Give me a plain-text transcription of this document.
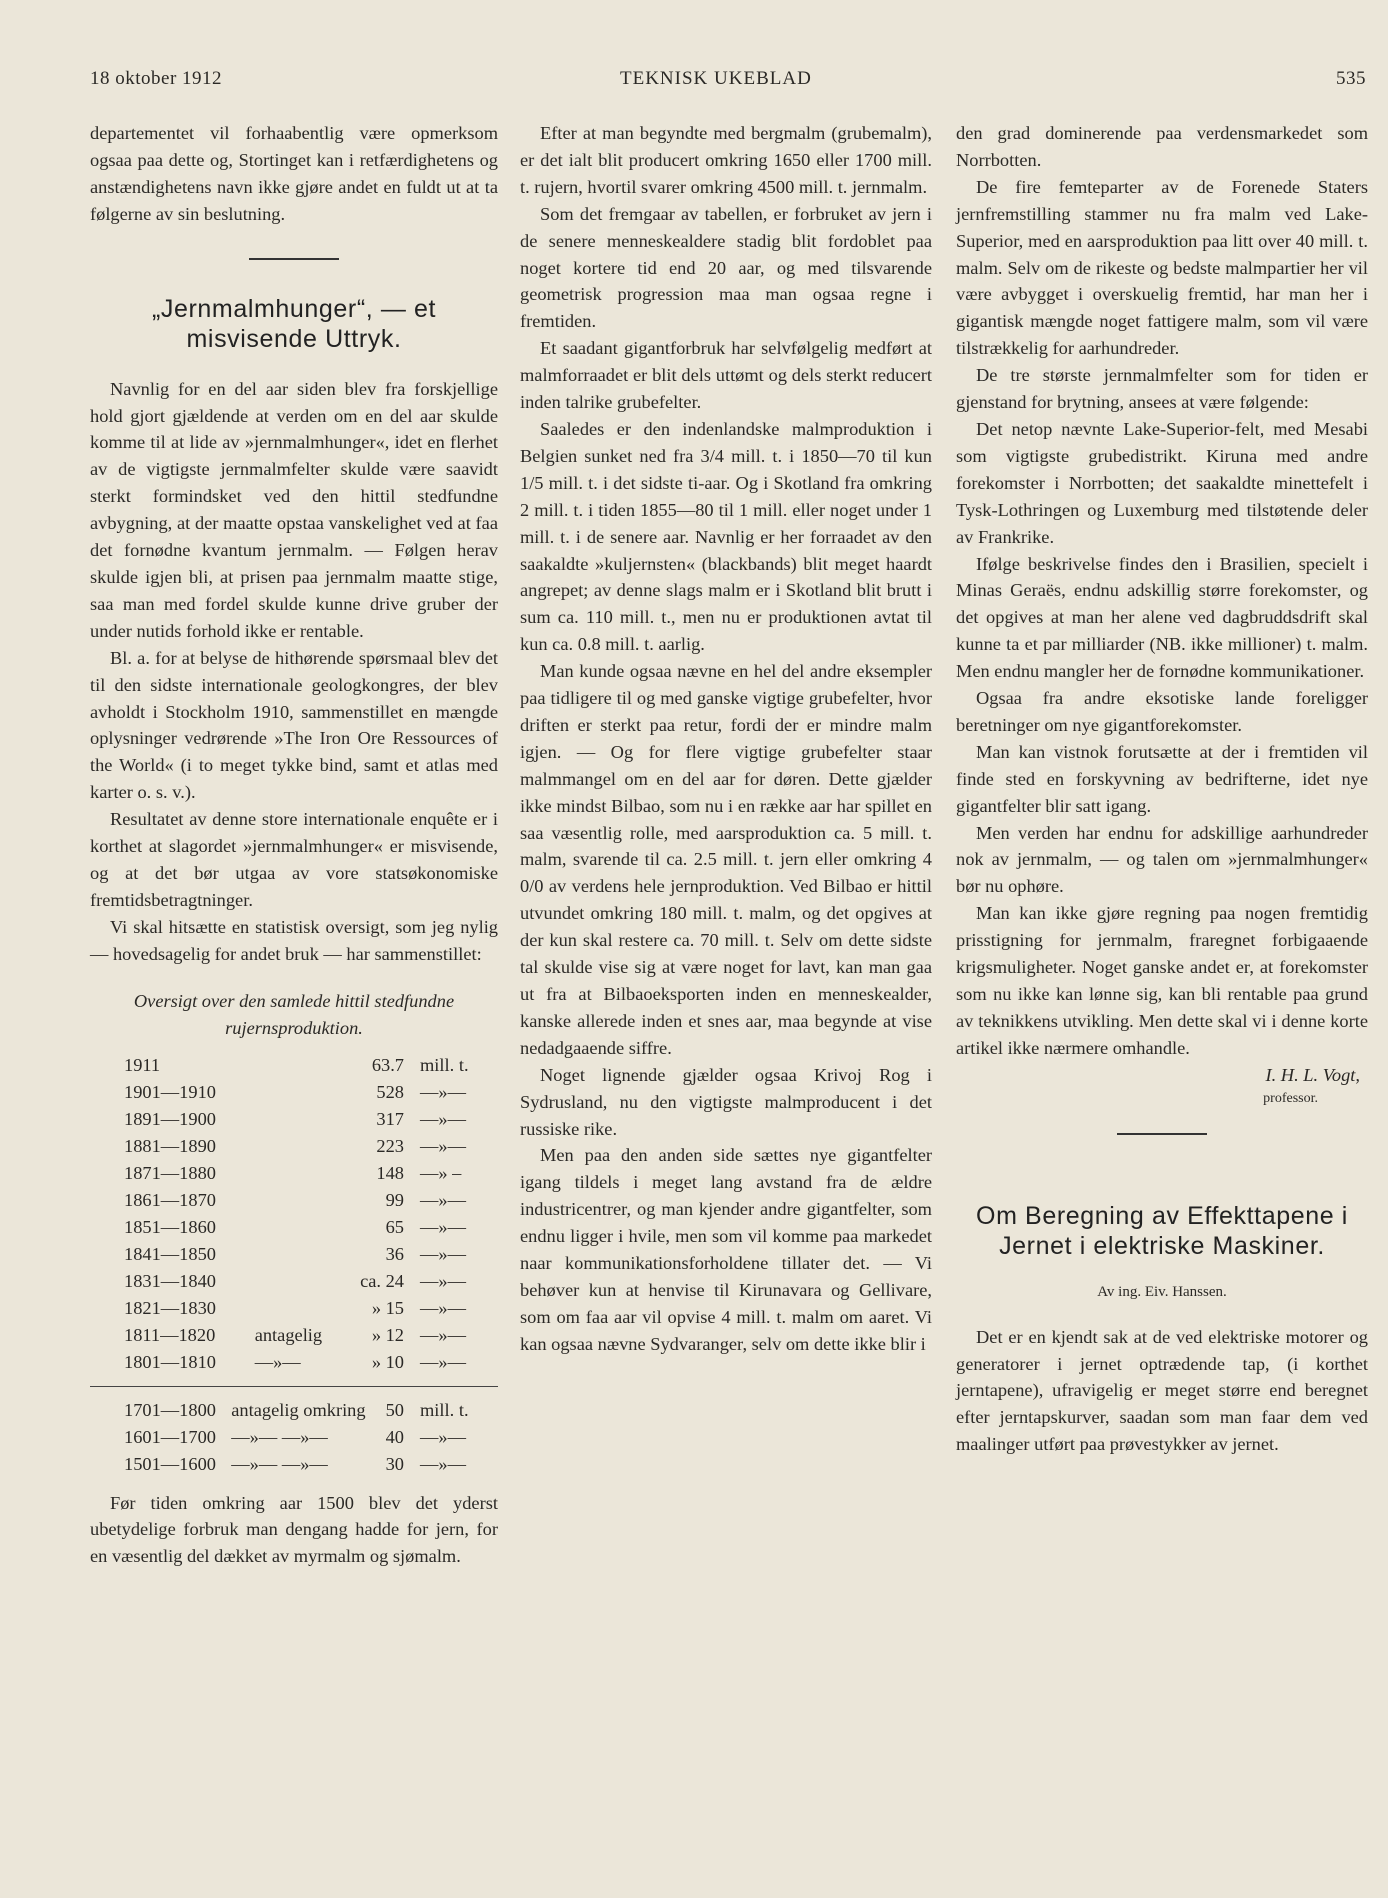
18 oktober 1912	TEKNISK UKEBLAD	535

departementet vil forhaabentlig være opmerksom ogsaa paa dette og, Stortinget kan i retfærdighetens og anstændighetens navn ikke gjøre andet en fuldt ut at ta følgerne av sin beslutning.

„Jernmalmhunger“, — et misvisende Uttryk.

Navnlig for en del aar siden blev fra forskjellige hold gjort gjældende at verden om en del aar skulde komme til at lide av »jernmalmhunger«, idet en flerhet av de vigtigste jernmalmfelter skulde være saavidt sterkt formindsket ved den hittil stedfundne avbygning, at der maatte opstaa vanskelighet ved at faa det fornødne kvantum jernmalm. — Følgen herav skulde igjen bli, at prisen paa jernmalm maatte stige, saa man med fordel skulde kunne drive gruber der under nutids forhold ikke er rentable.

Bl. a. for at belyse de hithørende spørsmaal blev det til den sidste internationale geologkongres, der blev avholdt i Stockholm 1910, sammenstillet en mængde oplysninger vedrørende »The Iron Ore Ressources of the World« (i to meget tykke bind, samt et atlas med karter o. s. v.).

Resultatet av denne store internationale enquête er i korthet at slagordet »jernmalmhunger« er misvisende, og at det bør utgaa av vore statsøkonomiske fremtidsbetragtninger.

Vi skal hitsætte en statistisk oversigt, som jeg nylig — hovedsagelig for andet bruk — har sammenstillet:

Oversigt over den samlede hittil stedfundne rujernsproduktion.
1911		63.7	mill. t.
1901—1910		528	—»—
1891—1900		317	—»—
1881—1890		223	—»—
1871—1880		148	—» –
1861—1870		99	—»—
1851—1860		65	—»—
1841—1850		36	—»—
1831—1840		ca. 24	—»—
1821—1830		» 15	—»—
1811—1820	antagelig	» 12	—»—
1801—1810	—»—	» 10	—»—
1701—1800	antagelig omkring	50	mill. t.
1601—1700	—»— —»—	40	—»—
1501—1600	—»— —»—	30	—»—

Før tiden omkring aar 1500 blev det yderst ubetydelige forbruk man dengang hadde for jern, for en væsentlig del dækket av myrmalm og sjømalm.

Efter at man begyndte med bergmalm (grubemalm), er det ialt blit producert omkring 1650 eller 1700 mill. t. rujern, hvortil svarer omkring 4500 mill. t. jernmalm.

Som det fremgaar av tabellen, er forbruket av jern i de senere menneskealdere stadig blit fordoblet paa noget kortere tid end 20 aar, og med tilsvarende geometrisk progression maa man ogsaa regne i fremtiden.

Et saadant gigantforbruk har selvfølgelig medført at malmforraadet er blit dels uttømt og dels sterkt reducert inden talrike grubefelter.

Saaledes er den indenlandske malmproduktion i Belgien sunket ned fra 3/4 mill. t. i 1850—70 til kun 1/5 mill. t. i det sidste ti-aar. Og i Skotland fra omkring 2 mill. t. i tiden 1855—80 til 1 mill. eller noget under 1 mill. t. i de senere aar. Navnlig er her forraadet av den saakaldte »kuljernsten« (blackbands) blit meget haardt angrepet; av denne slags malm er i Skotland blit brutt i sum ca. 110 mill. t., men nu er produktionen avtat til kun ca. 0.8 mill. t. aarlig.

Man kunde ogsaa nævne en hel del andre eksempler paa tidligere til og med ganske vigtige grubefelter, hvor driften er sterkt paa retur, fordi der er mindre malm igjen. — Og for flere vigtige grubefelter staar malmmangel om en del aar for døren. Dette gjælder ikke mindst Bilbao, som nu i en række aar har spillet en saa væsentlig rolle, med aarsproduktion ca. 5 mill. t. malm, svarende til ca. 2.5 mill. t. jern eller omkring 4 0/0 av verdens hele jernproduktion. Ved Bilbao er hittil utvundet omkring 180 mill. t. malm, og det opgives at der kun skal restere ca. 70 mill. t. Selv om dette sidste tal skulde vise sig at være noget for lavt, kan man gaa ut fra at Bilbaoeksporten inden en menneskealder, kanske allerede inden et snes aar, maa begynde at vise nedadgaaende siffre.

Noget lignende gjælder ogsaa Krivoj Rog i Sydrusland, nu den vigtigste malmproducent i det russiske rike.

Men paa den anden side sættes nye gigantfelter igang tildels i meget lang avstand fra de ældre industricentrer, og man kjender andre gigantfelter, som endnu ligger i hvile, men som vil komme paa markedet naar kommunikationsforholdene tillater det. — Vi behøver kun at henvise til Kirunavara og Gellivare, som om faa aar vil opvise 4 mill. t. malm om aaret. Vi kan ogsaa nævne Sydvaranger, selv om dette ikke blir i

den grad dominerende paa verdensmarkedet som Norrbotten.

De fire femteparter av de Forenede Staters jernfremstilling stammer nu fra malm ved Lake-Superior, med en aarsproduktion paa litt over 40 mill. t. malm. Selv om de rikeste og bedste malmpartier her vil være avbygget i overskuelig fremtid, har man her i gigantisk mængde noget fattigere malm, som vil være tilstrækkelig for aarhundreder.

De tre største jernmalmfelter som for tiden er gjenstand for brytning, ansees at være følgende:

Det netop nævnte Lake-Superior-felt, med Mesabi som vigtigste grubedistrikt. Kiruna med andre forekomster i Norrbotten; det saakaldte minettefelt i Tysk-Lothringen og Luxemburg med tilstøtende deler av Frankrike.

Ifølge beskrivelse findes den i Brasilien, specielt i Minas Geraës, endnu adskillig større forekomster, og det opgives at man her alene ved dagbruddsdrift skal kunne ta et par milliarder (NB. ikke millioner) t. malm. Men endnu mangler her de fornødne kommunikationer.

Ogsaa fra andre eksotiske lande foreligger beretninger om nye gigantforekomster.

Man kan vistnok forutsætte at der i fremtiden vil finde sted en forskyvning av bedrifterne, idet nye gigantfelter blir satt igang.

Men verden har endnu for adskillige aarhundreder nok av jernmalm, — og talen om »jernmalmhunger« bør nu ophøre.

Man kan ikke gjøre regning paa nogen fremtidig prisstigning for jernmalm, fraregnet forbigaaende krigsmuligheter. Noget ganske andet er, at forekomster som nu ikke kan lønne sig, kan bli rentable paa grund av teknikkens utvikling. Men dette skal vi i denne korte artikel ikke nærmere omhandle.

I. H. L. Vogt,
professor.
Om Beregning av Effekttapene i Jernet i elektriske Maskiner.
Av ing. Eiv. Hanssen.

Det er en kjendt sak at de ved elektriske motorer og generatorer i jernet optrædende tap, (i korthet jerntapene), ufravigelig er meget større end beregnet efter jerntapskurver, saadan som man faar dem ved maalinger utført paa prøvestykker av jernet.
